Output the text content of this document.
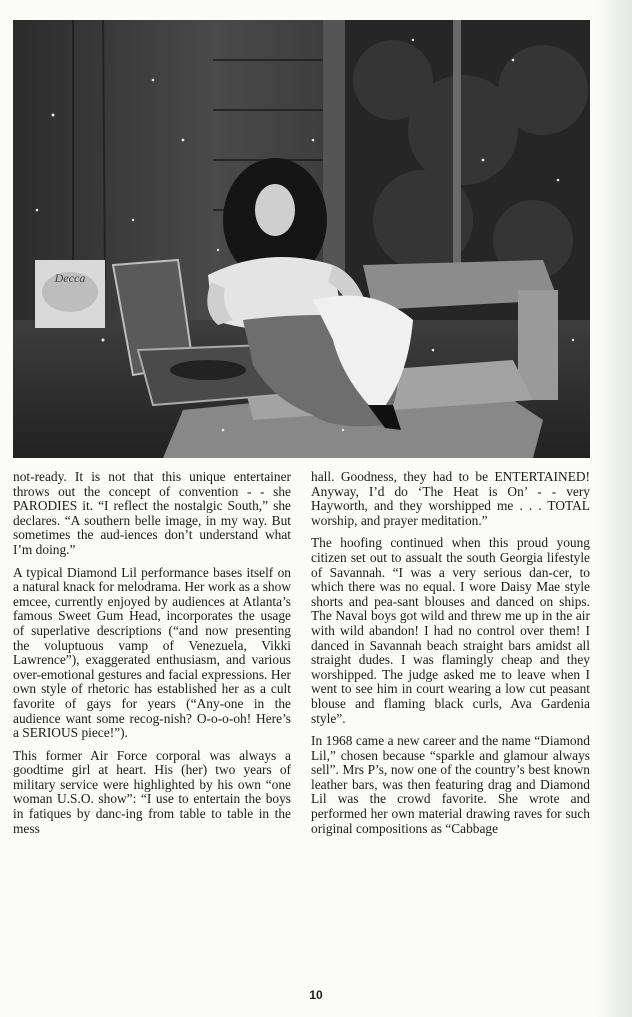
Decca

not-ready. It is not that this unique entertainer throws out the concept of convention - - she PARODIES it. “I reflect the nostalgic South,” she declares. “A southern belle image, in my way. But sometimes the aud-iences don’t understand what I’m doing.”

A typical Diamond Lil performance bases itself on a natural knack for melodrama. Her work as a show emcee, currently enjoyed by audiences at Atlanta’s famous Sweet Gum Head, incorporates the usage of superlative descriptions (“and now presenting the voluptuous vamp of Venezuela, Vikki Lawrence”), exaggerated enthusiasm, and various over-emotional gestures and facial expressions. Her own style of rhetoric has established her as a cult favorite of gays for years (“Any-one in the audience want some recog-nish? O-o-o-oh! Here’s a SERIOUS piece!”).

This former Air Force corporal was always a goodtime girl at heart. His (her) two years of military service were highlighted by his own “one woman U.S.O. show”: “I use to entertain the boys in fatiques by danc-ing from table to table in the mess

hall. Goodness, they had to be ENTERTAINED! Anyway, I’d do ‘The Heat is On’ - - very Hayworth, and they worshipped me . . . TOTAL worship, and prayer meditation.”

The hoofing continued when this proud young citizen set out to assualt the south Georgia lifestyle of Savannah. “I was a very serious dan-cer, to which there was no equal. I wore Daisy Mae style shorts and pea-sant blouses and danced on ships. The Naval boys got wild and threw me up in the air with wild abandon! I had no control over them! I danced in Savannah beach straight bars amidst all straight dudes. I was flamingly cheap and they worshipped. The judge asked me to leave when I went to see him in court wearing a low cut peasant blouse and flaming black curls, Ava Gardenia style”.

In 1968 came a new career and the name “Diamond Lil,” chosen because “sparkle and glamour always sell”. Mrs P’s, now one of the country’s best known leather bars, was then featuring drag and Diamond Lil was the crowd favorite. She wrote and performed her own material drawing raves for such original compositions as “Cabbage

10
